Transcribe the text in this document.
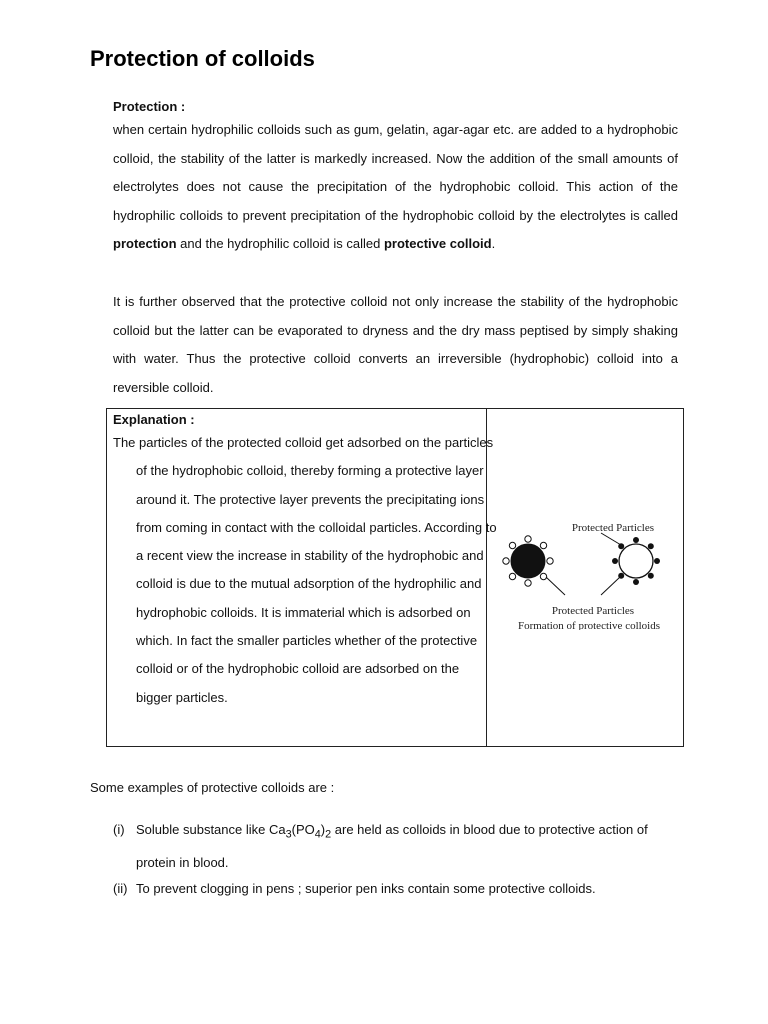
Protection of colloids
Protection :
when certain hydrophilic colloids such as gum, gelatin, agar-agar etc. are added to a hydrophobic colloid, the stability of the latter is markedly increased. Now the addition of the small amounts of electrolytes does not cause the precipitation of the hydrophobic colloid. This action of the hydrophilic colloids to prevent precipitation of the hydrophobic colloid by the electrolytes is called protection and the hydrophilic colloid is called protective colloid.
It is further observed that the protective colloid not only increase the stability of the hydrophobic colloid but the latter can be evaporated to dryness and the dry mass peptised by simply shaking with water. Thus the protective colloid converts an irreversible (hydrophobic) colloid into a reversible colloid.
Explanation :

The particles of the protected colloid get adsorbed on the particles of the hydrophobic colloid, thereby forming a protective layer around it. The protective layer prevents the precipitating ions from coming in contact with the colloidal particles. According to a recent view the increase in stability of the hydrophobic and colloid is due to the mutual adsorption of the hydrophilic and hydrophobic colloids. It is immaterial which is adsorbed on which. In fact the smaller particles whether of the protective colloid or of the hydrophobic colloid are adsorbed on the bigger particles.

Protected Particles
Protected Particles
Formation of protective colloids
Some examples of protective colloids are :
(i) Soluble substance like $Ca_3(PO_4)_2$ are held as colloids in blood due to protective action of protein in blood.
(ii) To prevent clogging in pens ; superior pen inks contain some protective colloids.
